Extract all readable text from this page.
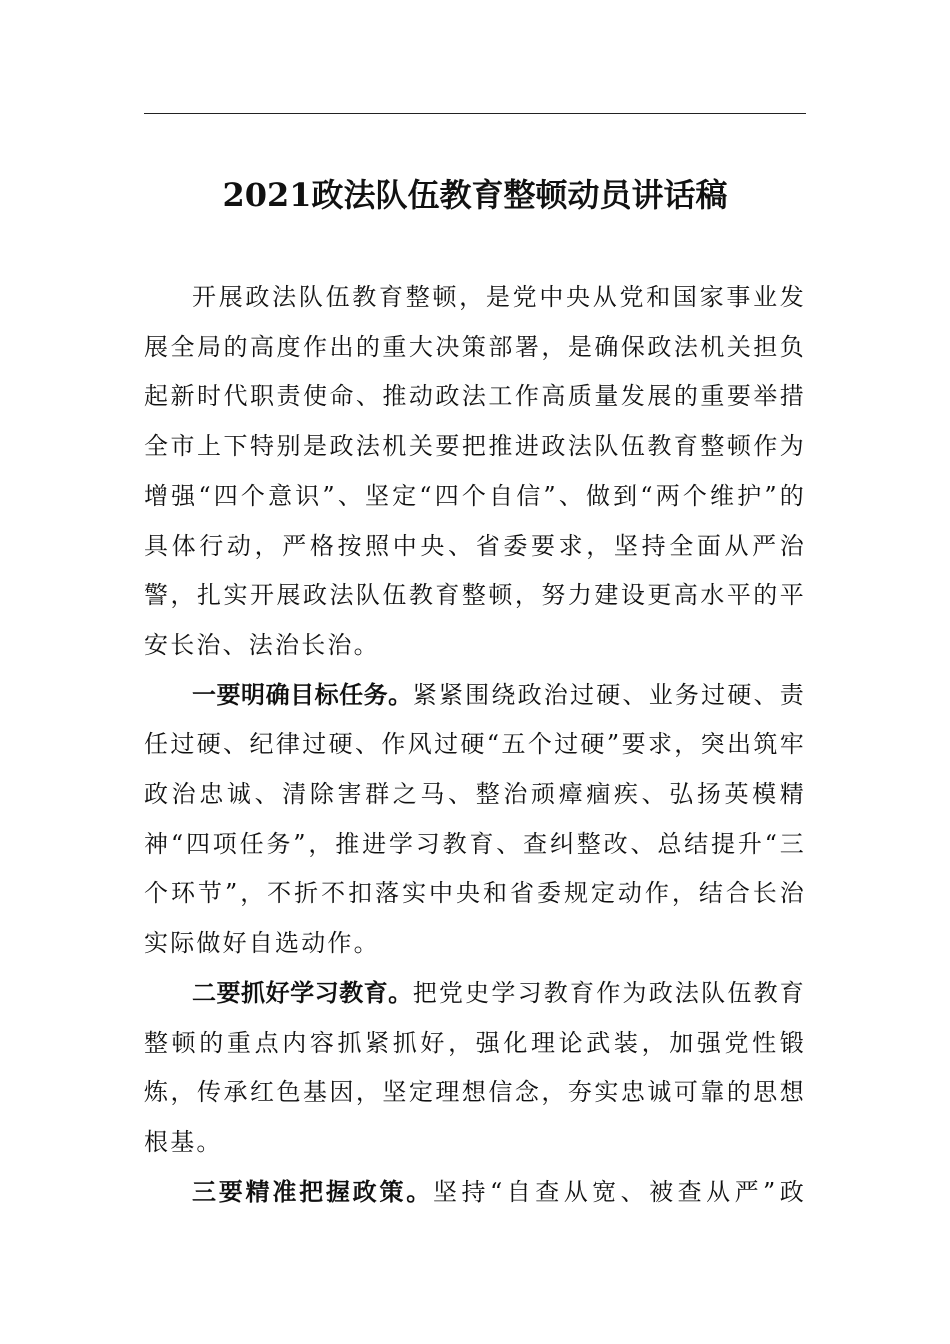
2021政法队伍教育整顿动员讲话稿

开展政法队伍教育整顿，是党中央从党和国家事业发展全局的高度作出的重大决策部署，是确保政法机关担负起新时代职责使命、推动政法工作高质量发展的重要举措全市上下特别是政法机关要把推进政法队伍教育整顿作为增强“四个意识”、坚定“四个自信”、做到“两个维护”的具体行动，严格按照中央、省委要求，坚持全面从严治警，扎实开展政法队伍教育整顿，努力建设更高水平的平安长治、法治长治。

一要明确目标任务。紧紧围绕政治过硬、业务过硬、责任过硬、纪律过硬、作风过硬“五个过硬”要求，突出筑牢政治忠诚、清除害群之马、整治顽瘴痼疾、弘扬英模精神“四项任务”，推进学习教育、查纠整改、总结提升“三个环节”，不折不扣落实中央和省委规定动作，结合长治实际做好自选动作。

二要抓好学习教育。把党史学习教育作为政法队伍教育整顿的重点内容抓紧抓好，强化理论武装，加强党性锻炼，传承红色基因，坚定理想信念，夯实忠诚可靠的思想根基。

三要精准把握政策。坚持“自查从宽、被查从严”政
